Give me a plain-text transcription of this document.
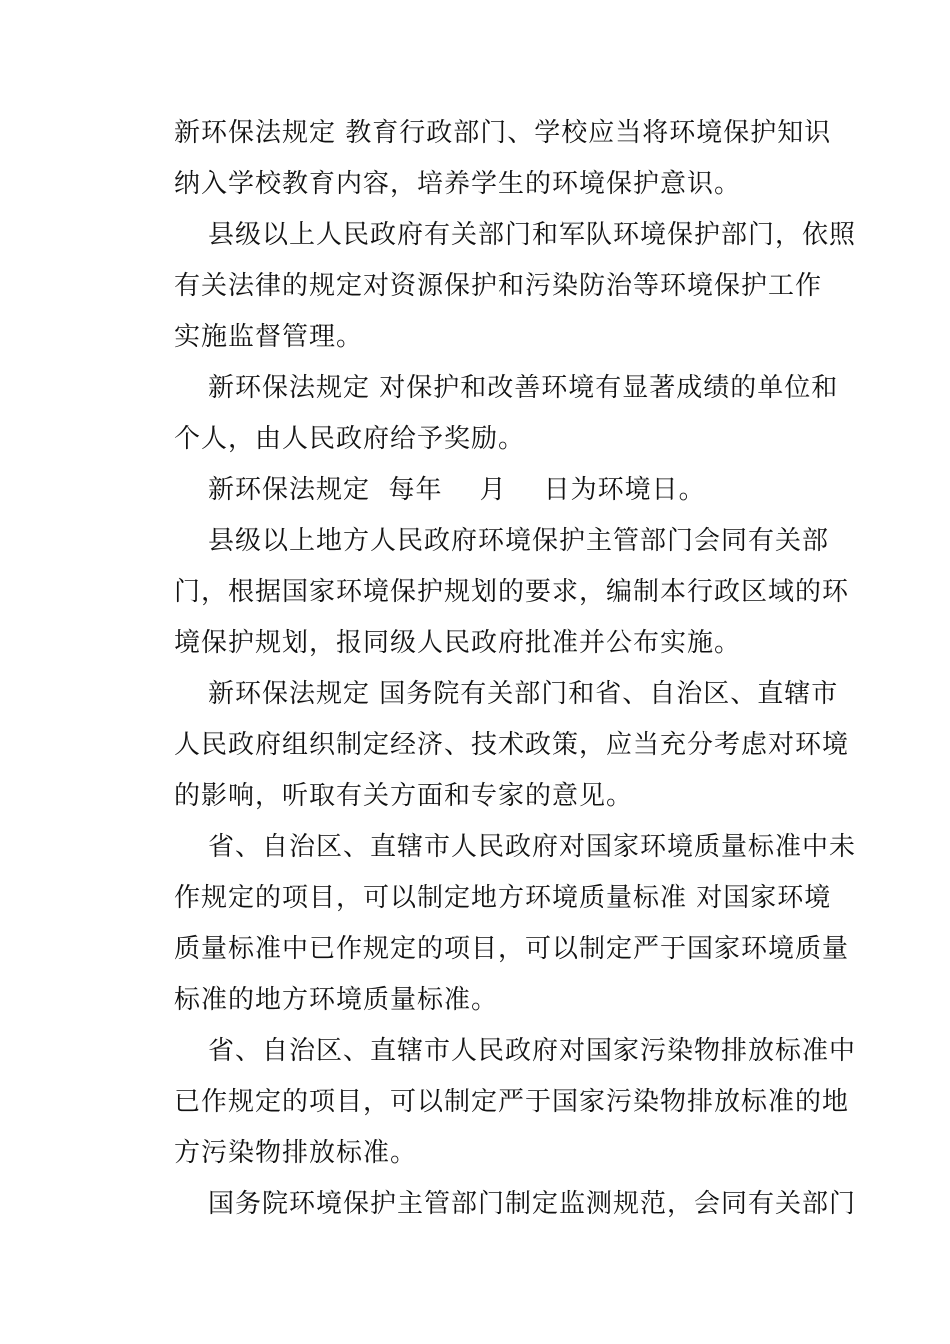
新环保法规定 教育行政部门、学校应当将环境保护知识
纳入学校教育内容，培养学生的环境保护意识。
县级以上人民政府有关部门和军队环境保护部门，依照
有关法律的规定对资源保护和污染防治等环境保护工作
实施监督管理。
新环保法规定 对保护和改善环境有显著成绩的单位和
个人，由人民政府给予奖励。
新环保法规定  每年    月    日为环境日。
县级以上地方人民政府环境保护主管部门会同有关部
门，根据国家环境保护规划的要求，编制本行政区域的环
境保护规划，报同级人民政府批准并公布实施。
新环保法规定 国务院有关部门和省、自治区、直辖市
人民政府组织制定经济、技术政策，应当充分考虑对环境
的影响，听取有关方面和专家的意见。
省、自治区、直辖市人民政府对国家环境质量标准中未
作规定的项目，可以制定地方环境质量标准 对国家环境
质量标准中已作规定的项目，可以制定严于国家环境质量
标准的地方环境质量标准。
省、自治区、直辖市人民政府对国家污染物排放标准中
已作规定的项目，可以制定严于国家污染物排放标准的地
方污染物排放标准。
国务院环境保护主管部门制定监测规范，会同有关部门
